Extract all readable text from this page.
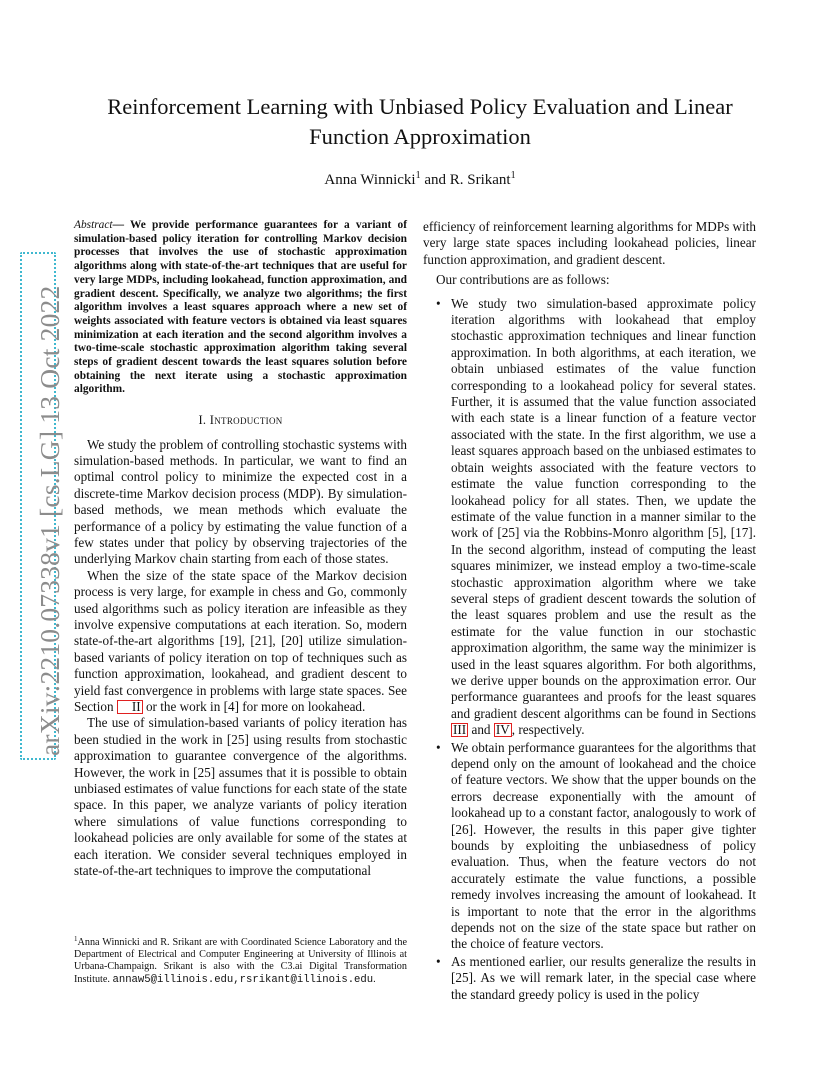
arXiv:2210.07338v1 [cs.LG] 13 Oct 2022
Reinforcement Learning with Unbiased Policy Evaluation and Linear
Function Approximation
Anna Winnicki$^1$ and R. Srikant$^1$
Abstract— We provide performance guarantees for a variant of simulation-based policy iteration for controlling Markov decision processes that involves the use of stochastic approximation algorithms along with state-of-the-art techniques that are useful for very large MDPs, including lookahead, function approximation, and gradient descent. Specifically, we analyze two algorithms; the first algorithm involves a least squares approach where a new set of weights associated with feature vectors is obtained via least squares minimization at each iteration and the second algorithm involves a two-time-scale stochastic approximation algorithm taking several steps of gradient descent towards the least squares solution before obtaining the next iterate using a stochastic approximation algorithm.
I. Introduction

We study the problem of controlling stochastic systems with simulation-based methods. In particular, we want to find an optimal control policy to minimize the expected cost in a discrete-time Markov decision process (MDP). By simulation-based methods, we mean methods which evaluate the performance of a policy by estimating the value function of a few states under that policy by observing trajectories of the underlying Markov chain starting from each of those states.

When the size of the state space of the Markov decision process is very large, for example in chess and Go, commonly used algorithms such as policy iteration are infeasible as they involve expensive computations at each iteration. So, modern state-of-the-art algorithms [19], [21], [20] utilize simulation-based variants of policy iteration on top of techniques such as function approximation, lookahead, and gradient descent to yield fast convergence in problems with large state spaces. See Section II or the work in [4] for more on lookahead.

The use of simulation-based variants of policy iteration has been studied in the work in [25] using results from stochastic approximation to guarantee convergence of the algorithms. However, the work in [25] assumes that it is possible to obtain unbiased estimates of value functions for each state of the state space. In this paper, we analyze variants of policy iteration where simulations of value functions corresponding to lookahead policies are only available for some of the states at each iteration. We consider several techniques employed in state-of-the-art techniques to improve the computational

$^1$Anna Winnicki and R. Srikant are with Coordinated Science Laboratory and the Department of Electrical and Computer Engineering at University of Illinois at Urbana-Champaign. Srikant is also with the C3.ai Digital Transformation Institute. annaw5@illinois.edu,rsrikant@illinois.edu.

efficiency of reinforcement learning algorithms for MDPs with very large state spaces including lookahead policies, linear function approximation, and gradient descent.

Our contributions are as follows:

• We study two simulation-based approximate policy iteration algorithms with lookahead that employ stochastic approximation techniques and linear function approximation. In both algorithms, at each iteration, we obtain unbiased estimates of the value function corresponding to a lookahead policy for several states. Further, it is assumed that the value function associated with each state is a linear function of a feature vector associated with the state. In the first algorithm, we use a least squares approach based on the unbiased estimates to obtain weights associated with the feature vectors to estimate the value function corresponding to the lookahead policy for all states. Then, we update the estimate of the value function in a manner similar to the work of [25] via the Robbins-Monro algorithm [5], [17]. In the second algorithm, instead of computing the least squares minimizer, we instead employ a two-time-scale stochastic approximation algorithm where we take several steps of gradient descent towards the solution of the least squares problem and use the result as the estimate for the value function in our stochastic approximation algorithm, the same way the minimizer is used in the least squares algorithm. For both algorithms, we derive upper bounds on the approximation error. Our performance guarantees and proofs for the least squares and gradient descent algorithms can be found in Sections III and IV , respectively.
• We obtain performance guarantees for the algorithms that depend only on the amount of lookahead and the choice of feature vectors. We show that the upper bounds on the errors decrease exponentially with the amount of lookahead up to a constant factor, analogously to work of [26]. However, the results in this paper give tighter bounds by exploiting the unbiasedness of policy evaluation. Thus, when the feature vectors do not accurately estimate the value functions, a possible remedy involves increasing the amount of lookahead. It is important to note that the error in the algorithms depends not on the size of the state space but rather on the choice of feature vectors.
• As mentioned earlier, our results generalize the results in [25]. As we will remark later, in the special case where the standard greedy policy is used in the policy
